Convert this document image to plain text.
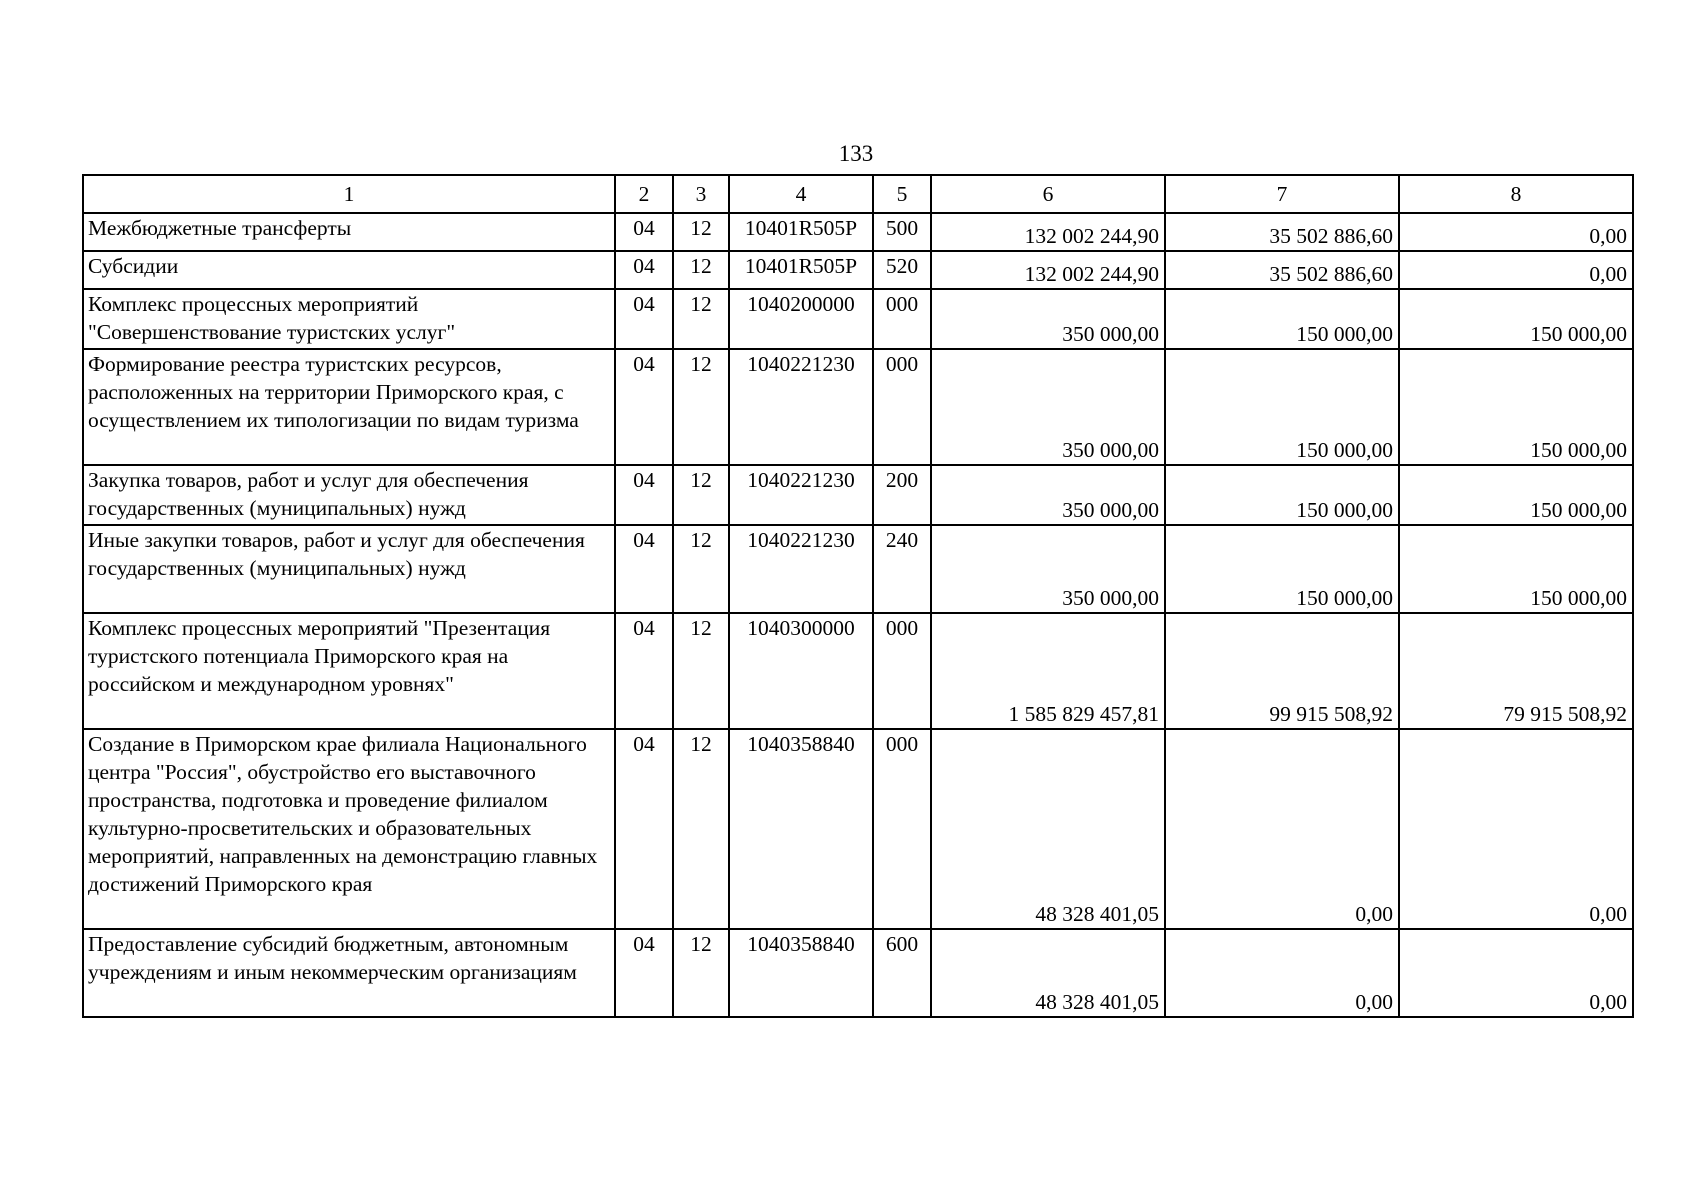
133
1	2	3	4	5	6	7	8
Межбюджетные трансферты	04	12	10401R505P	500	132 002 244,90	35 502 886,60	0,00
Субсидии	04	12	10401R505P	520	132 002 244,90	35 502 886,60	0,00
Комплекс процессных мероприятий "Совершенствование туристских услуг"	04	12	1040200000	000	350 000,00	150 000,00	150 000,00
Формирование реестра туристских ресурсов, расположенных на территории Приморского края, с осуществлением их типологизации по видам туризма	04	12	1040221230	000	350 000,00	150 000,00	150 000,00
Закупка товаров, работ и услуг для обеспечения государственных (муниципальных) нужд	04	12	1040221230	200	350 000,00	150 000,00	150 000,00
Иные закупки товаров, работ и услуг для обеспечения государственных (муниципальных) нужд	04	12	1040221230	240	350 000,00	150 000,00	150 000,00
Комплекс процессных мероприятий "Презентация туристского потенциала Приморского края на российском и международном уровнях"	04	12	1040300000	000	1 585 829 457,81	99 915 508,92	79 915 508,92
Создание в Приморском крае филиала Национального центра "Россия", обустройство его выставочного пространства, подготовка и проведение филиалом культурно-просветительских и образовательных мероприятий, направленных на демонстрацию главных достижений Приморского края	04	12	1040358840	000	48 328 401,05	0,00	0,00
Предоставление субсидий бюджетным, автономным учреждениям и иным некоммерческим организациям	04	12	1040358840	600	48 328 401,05	0,00	0,00
